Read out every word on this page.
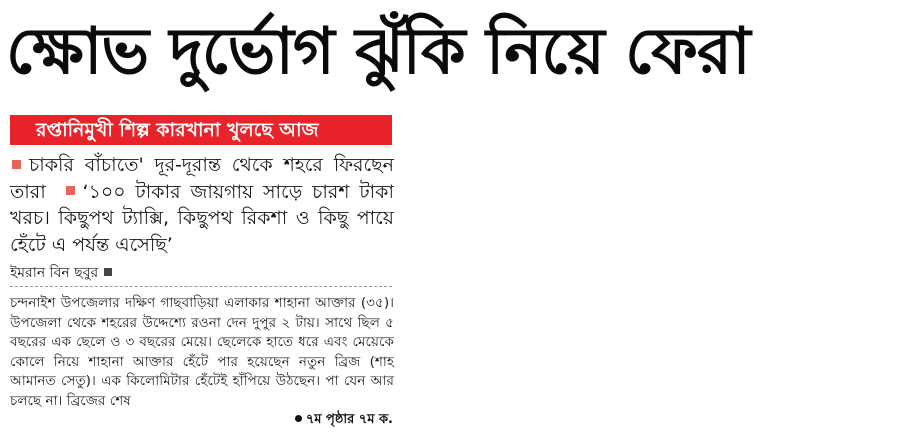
ক্ষোভ দুর্ভোগ ঝুঁকি নিয়ে ফেরা
রপ্তানিমুখী শিল্প কারখানা খুলছে আজ
চাকরি বাঁচাতে' দূর-দূরান্ত থেকে শহরে ফিরছেন তারা ‘১০০ টাকার জায়গায় সাড়ে চারশ টাকা খরচ। কিছুপথ ট্যাক্সি, কিছুপথ রিকশা ও কিছু পায়ে হেঁটে এ পর্যন্ত এসেছি’
ইমরান বিন ছবুর
চন্দনাইশ উপজেলার দক্ষিণ গাছবাড়িয়া এলাকার শাহানা আক্তার (৩৫)। উপজেলা থেকে শহরের উদ্দেশ্যে রওনা দেন দুপুর ২ টায়। সাথে ছিল ৫ বছরের এক ছেলে ও ৩ বছরের মেয়ে। ছেলেকে হাতে ধরে এবং মেয়েকে কোলে নিয়ে শাহানা আক্তার হেঁটে পার হয়েছেন নতুন ব্রিজ (শাহ আমানত সেতু)। এক কিলোমিটার হেঁটেই হাঁপিয়ে উঠছেন। পা যেন আর চলছে না। ব্রিজের শেষ
৭ম পৃষ্ঠার ৭ম ক.
